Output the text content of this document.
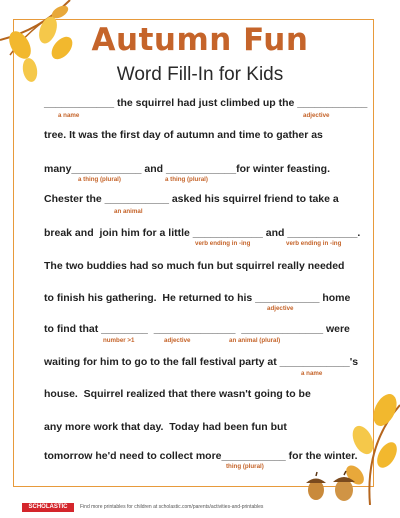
Autumn Fun

Word Fill-In for Kids

____________ the squirrel had just climbed up the ____________
a name	adjective
tree. It was the first day of autumn and time to gather as
many____________ and ____________for winter feasting.
a thing (plural)	a thing (plural)
Chester the ___________ asked his squirrel friend to take a
an animal
break and  join him for a little ____________ and ____________.
verb ending in -ing	verb ending in -ing
The two buddies had so much fun but squirrel really needed
to finish his gathering.  He returned to his ___________ home
adjective
to find that ________  ______________  ______________ were
number >1	adjective	an animal (plural)
waiting for him to go to the fall festival party at ____________'s
a name
house.  Squirrel realized that there wasn't going to be
any more work that day.  Today had been fun but
tomorrow he'd need to collect more___________ for the winter.
thing (plural)
SCHOLASTIC	Find more printables for children at scholastic.com/parents/activities-and-printables
